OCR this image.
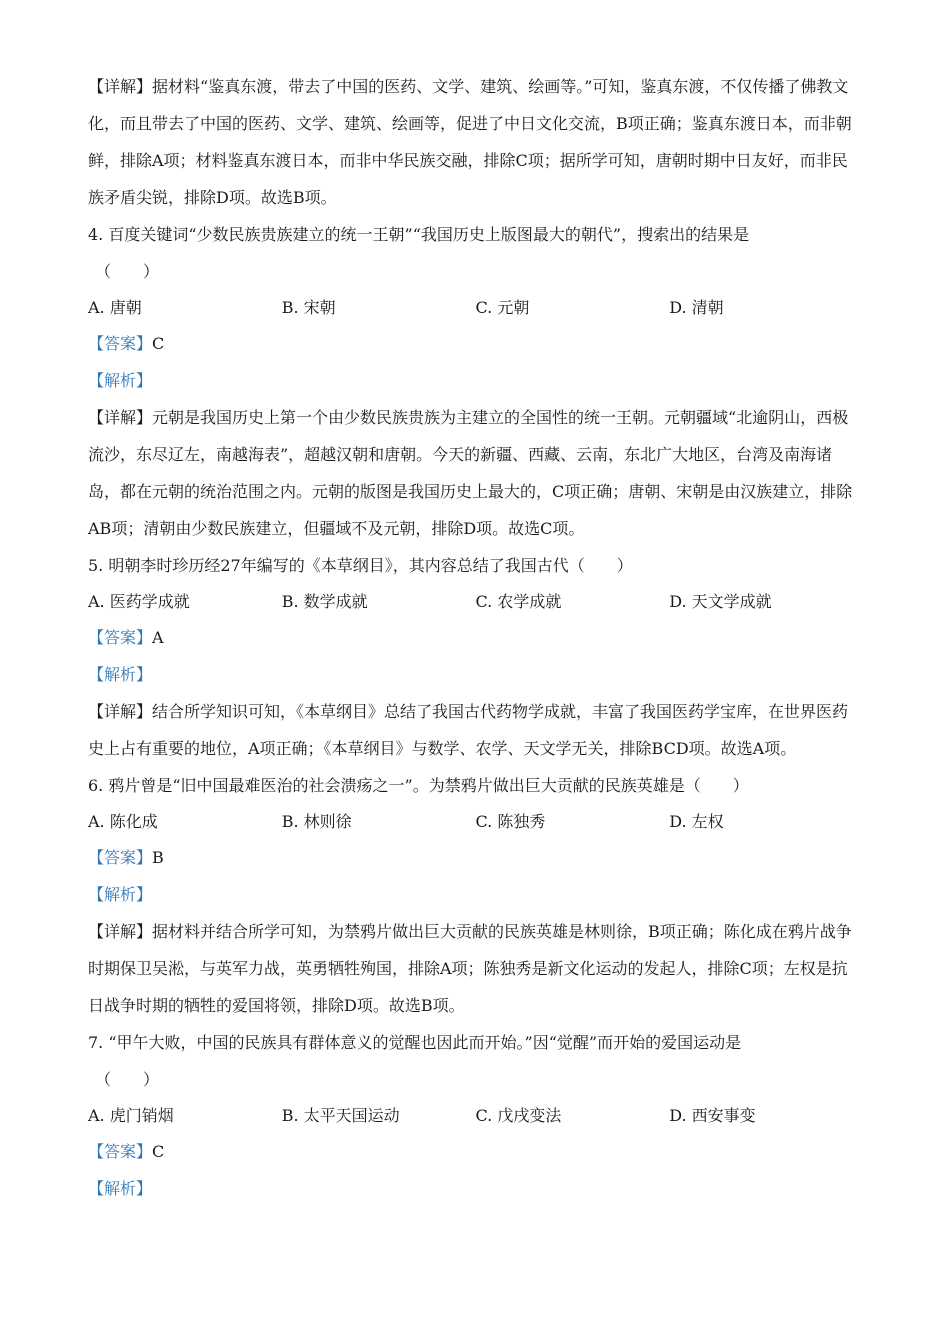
【详解】据材料“鉴真东渡，带去了中国的医药、文学、建筑、绘画等。”可知，鉴真东渡，不仅传播了佛教文化，而且带去了中国的医药、文学、建筑、绘画等，促进了中日文化交流，B项正确；鉴真东渡日本，而非朝鲜，排除A项；材料鉴真东渡日本，而非中华民族交融，排除C项；据所学可知，唐朝时期中日友好，而非民族矛盾尖锐，排除D项。故选B项。

4. 百度关键词“少数民族贵族建立的统一王朝”“我国历史上版图最大的朝代”，搜索出的结果是

（　　）

A. 唐朝	B. 宋朝	C. 元朝	D. 清朝

【答案】C

【解析】

【详解】元朝是我国历史上第一个由少数民族贵族为主建立的全国性的统一王朝。元朝疆域“北逾阴山，西极流沙，东尽辽左，南越海表”，超越汉朝和唐朝。今天的新疆、西藏、云南，东北广大地区，台湾及南海诸岛，都在元朝的统治范围之内。元朝的版图是我国历史上最大的，C项正确；唐朝、宋朝是由汉族建立，排除AB项；清朝由少数民族建立，但疆域不及元朝，排除D项。故选C项。

5. 明朝李时珍历经27年编写的《本草纲目》，其内容总结了我国古代（　　）

A. 医药学成就	B. 数学成就	C. 农学成就	D. 天文学成就

【答案】A

【解析】

【详解】结合所学知识可知，《本草纲目》总结了我国古代药物学成就，丰富了我国医药学宝库，在世界医药史上占有重要的地位，A项正确；《本草纲目》与数学、农学、天文学无关，排除BCD项。故选A项。

6. 鸦片曾是“旧中国最难医治的社会溃疡之一”。为禁鸦片做出巨大贡献的民族英雄是（　　）

A. 陈化成	B. 林则徐	C. 陈独秀	D. 左权

【答案】B

【解析】

【详解】据材料并结合所学可知，为禁鸦片做出巨大贡献的民族英雄是林则徐，B项正确；陈化成在鸦片战争时期保卫吴淞，与英军力战，英勇牺牲殉国，排除A项；陈独秀是新文化运动的发起人，排除C项；左权是抗日战争时期的牺牲的爱国将领，排除D项。故选B项。

7. “甲午大败，中国的民族具有群体意义的觉醒也因此而开始。”因“觉醒”而开始的爱国运动是

（　　）

A. 虎门销烟	B. 太平天国运动	C. 戊戌变法	D. 西安事变

【答案】C

【解析】
